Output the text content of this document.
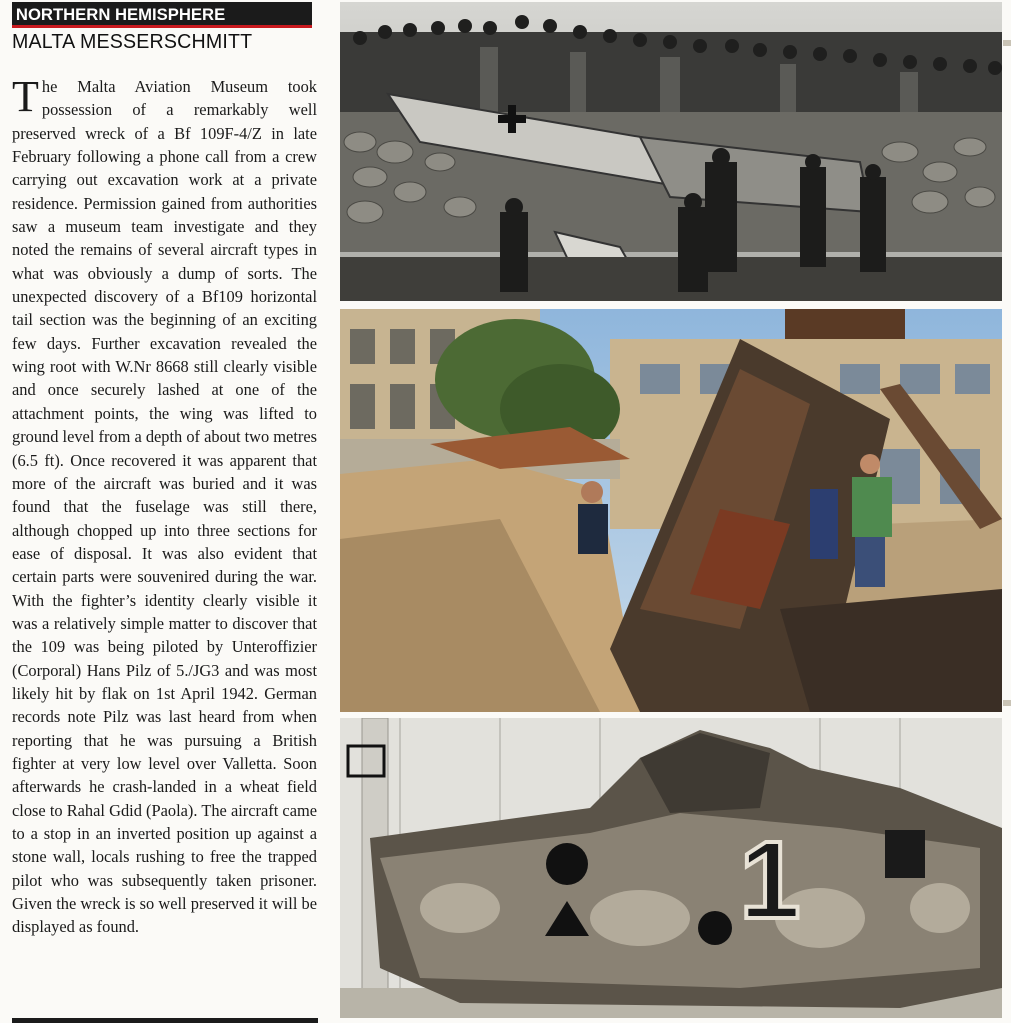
NORTHERN HEMISPHERE
MALTA MESSERSCHMITT

The Malta Aviation Museum took possession of a remarkably well preserved wreck of a Bf 109F-4/Z in late February following a phone call from a crew carrying out excavation work at a private residence. Permission gained from authorities saw a museum team investigate and they noted the remains of several aircraft types in what was obviously a dump of sorts. The unexpected discovery of a Bf109 horizontal tail section was the beginning of an exciting few days. Further excavation revealed the wing root with W.Nr 8668 still clearly visible and once securely lashed at one of the attachment points, the wing was lifted to ground level from a depth of about two metres (6.5 ft). Once recovered it was apparent that more of the aircraft was buried and it was found that the fuselage was still there, although chopped up into three sections for ease of disposal. It was also evident that certain parts were souvenired during the war. With the fighter’s identity clearly visible it was a relatively simple matter to discover that the 109 was being piloted by Unteroffizier (Corporal) Hans Pilz of 5./JG3 and was most likely hit by flak on 1st April 1942. German records note Pilz was last heard from when reporting that he was pursuing a British fighter at very low level over Valletta. Soon afterwards he crash-landed in a wheat field close to Rahal Gdid (Paola). The aircraft came to a stop in an inverted position up against a stone wall, locals rushing to free the trapped pilot who was subsequently taken prisoner. Given the wreck is so well preserved it will be displayed as found.	1
